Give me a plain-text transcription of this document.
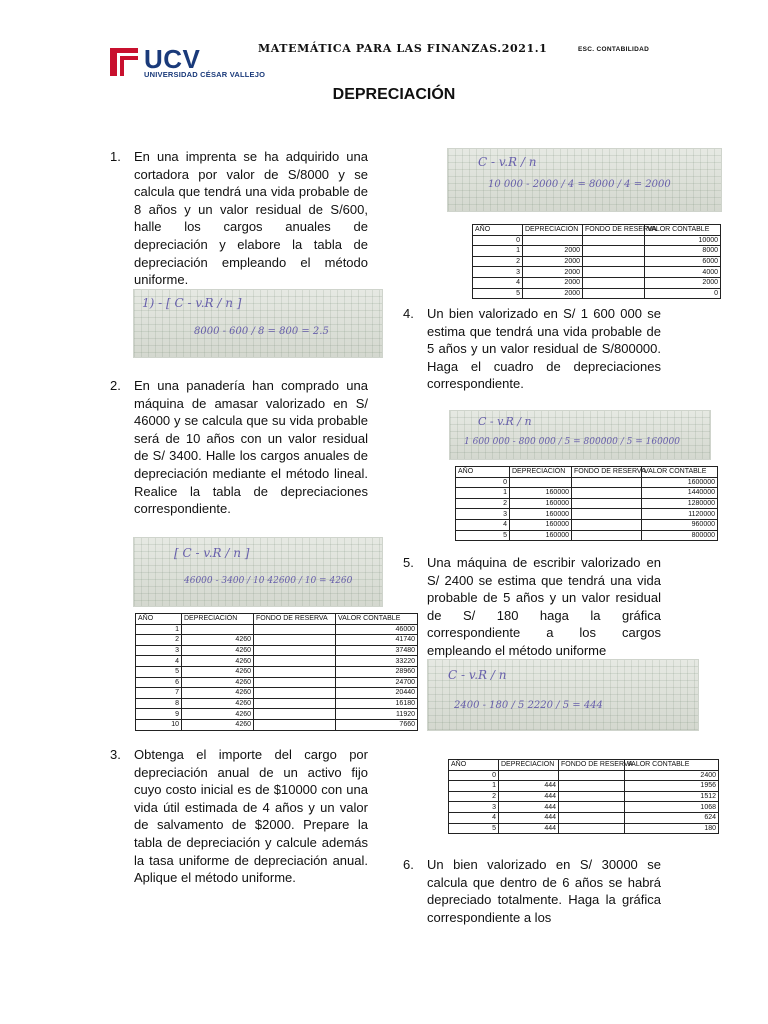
UCV
UNIVERSIDAD CÉSAR VALLEJO
MATEMÁTICA PARA LAS FINANZAS.2021.1	ESC. CONTABILIDAD
DEPRECIACIÓN
1.	En una imprenta se ha adquirido una cortadora por valor de S/8000 y se calcula que tendrá una vida probable de 8 años y un valor residual de S/600, halle los cargos anuales de depreciación y elabore la tabla de depreciación empleando el método uniforme.
1) - [ C - v.R / n ]
8000 - 600 / 8 = 800 = 2.5
2.	En una panadería han comprado una máquina de amasar valorizado en S/ 46000 y se calcula que su vida probable será de 10 años con un valor residual de S/ 3400. Halle los cargos anuales de depreciación mediante el método lineal. Realice la tabla de depreciaciones correspondiente.
[ C - v.R / n ]
46000 - 3400 / 10 42600 / 10 = 4260
AÑO	DEPRECIACIÓN	FONDO DE RESERVA	VALOR CONTABLE
1			46000
2	4260		41740
3	4260		37480
4	4260		33220
5	4260		28960
6	4260		24700
7	4260		20440
8	4260		16180
9	4260		11920
10	4260		7660
3.	Obtenga el importe del cargo por depreciación anual de un activo fijo cuyo costo inicial es de $10000 con una vida útil estimada de 4 años y un valor de salvamento de $2000. Prepare la tabla de depreciación y calcule además la tasa uniforme de depreciación anual. Aplique el método uniforme.
C - v.R / n
10 000 - 2000 / 4 = 8000 / 4 = 2000
AÑO	DEPRECIACIÓN	FONDO DE RESERVA	VALOR CONTABLE
0			10000
1	2000		8000
2	2000		6000
3	2000		4000
4	2000		2000
5	2000		0
4.	Un bien valorizado en S/ 1 600 000 se estima que tendrá una vida probable de 5 años y un valor residual de S/800000. Haga el cuadro de depreciaciones correspondiente.
C - v.R / n
1 600 000 - 800 000 / 5 = 800000 / 5 = 160000
AÑO	DEPRECIACIÓN	FONDO DE RESERVA	VALOR CONTABLE
0			1600000
1	160000		1440000
2	160000		1280000
3	160000		1120000
4	160000		960000
5	160000		800000
5.	Una máquina de escribir valorizado en S/ 2400 se estima que tendrá una vida probable de 5 años y un valor residual de S/ 180 haga la gráfica correspondiente a los cargos empleando el método uniforme
C - v.R / n
2400 - 180 / 5 2220 / 5 = 444
AÑO	DEPRECIACION	FONDO DE RESERVA	VALOR CONTABLE
0			2400
1	444		1956
2	444		1512
3	444		1068
4	444		624
5	444		180
6.	Un bien valorizado en S/ 30000 se calcula que dentro de 6 años se habrá depreciado totalmente. Haga la gráfica correspondiente a los
